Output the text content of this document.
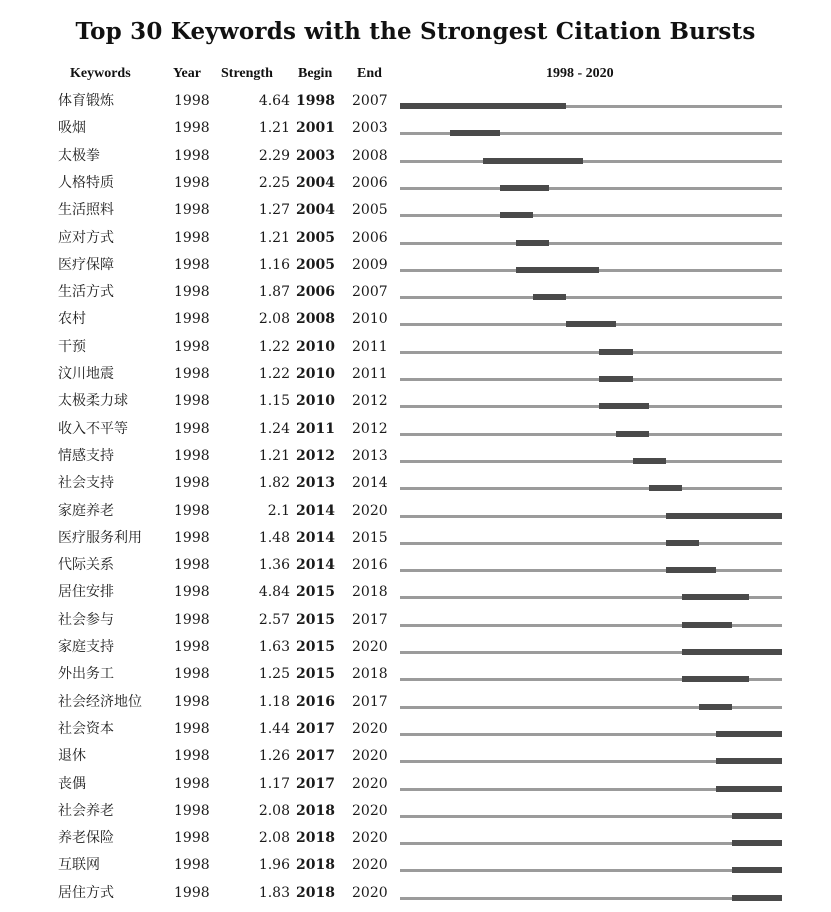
Top 30 Keywords with the Strongest Citation Bursts
Keywords	Year Strength Begin End	1998 - 2020
体育锻炼	1998	4.64 1998 2007
吸烟	1998	1.21 2001 2003
太极拳	1998	2.29 2003 2008
人格特质	1998	2.25 2004 2006
生活照料	1998	1.27 2004 2005
应对方式	1998	1.21 2005 2006
医疗保障	1998	1.16 2005 2009
生活方式	1998	1.87 2006 2007
农村	1998	2.08 2008 2010
干预	1998	1.22 2010 2011
汶川地震	1998	1.22 2010 2011
太极柔力球	1998	1.15 2010 2012
收入不平等	1998	1.24 2011 2012
情感支持	1998	1.21 2012 2013
社会支持	1998	1.82 2013 2014
家庭养老	1998	2.1 2014 2020
医疗服务利用 1998	1.48 2014 2015
代际关系	1998	1.36 2014 2016
居住安排	1998	4.84 2015 2018
社会参与	1998	2.57 2015 2017
家庭支持	1998	1.63 2015 2020
外出务工	1998	1.25 2015 2018
社会经济地位 1998	1.18 2016 2017
社会资本	1998	1.44 2017 2020
退休	1998	1.26 2017 2020
丧偶	1998	1.17 2017 2020
社会养老	1998	2.08 2018 2020
养老保险	1998	2.08 2018 2020
互联网	1998	1.96 2018 2020
居住方式	1998	1.83 2018 2020
